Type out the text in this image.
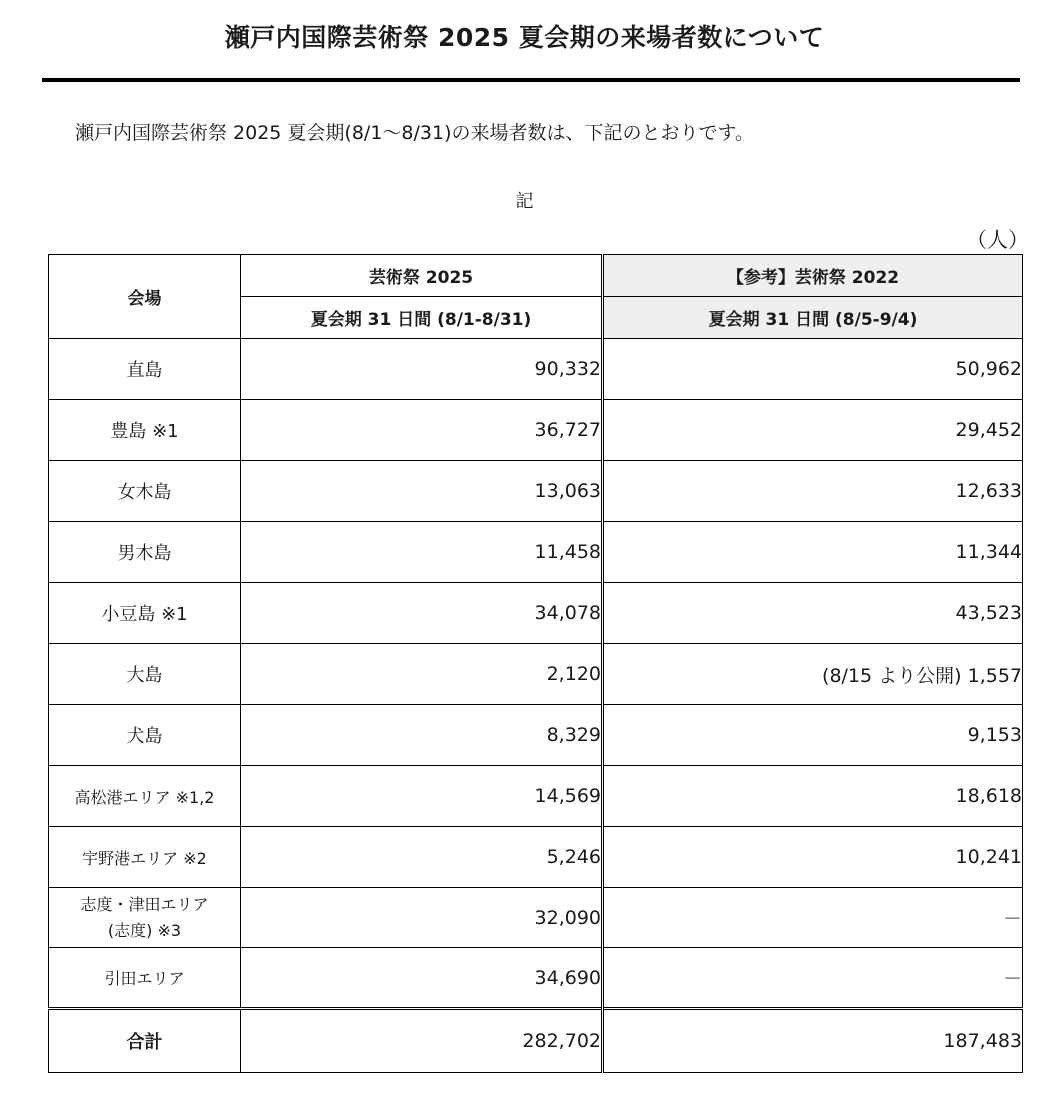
瀬戸内国際芸術祭 2025 夏会期の来場者数について
瀬戸内国際芸術祭 2025 夏会期(8/1～8/31)の来場者数は、下記のとおりです。
記
（人）
会場	芸術祭 2025	【参考】芸術祭 2022
	夏会期 31 日間 (8/1-8/31)	夏会期 31 日間 (8/5-9/4)
直島	90,332	50,962
豊島 ※1	36,727	29,452
女木島	13,063	12,633
男木島	11,458	11,344
小豆島 ※1	34,078	43,523
大島	2,120	(8/15 より公開) 1,557
犬島	8,329	9,153
高松港エリア ※1,2	14,569	18,618
宇野港エリア ※2	5,246	10,241

志度・津田エリア
(志度) ※3	32,090	－
引田エリア	34,690	－
合計	282,702	187,483
